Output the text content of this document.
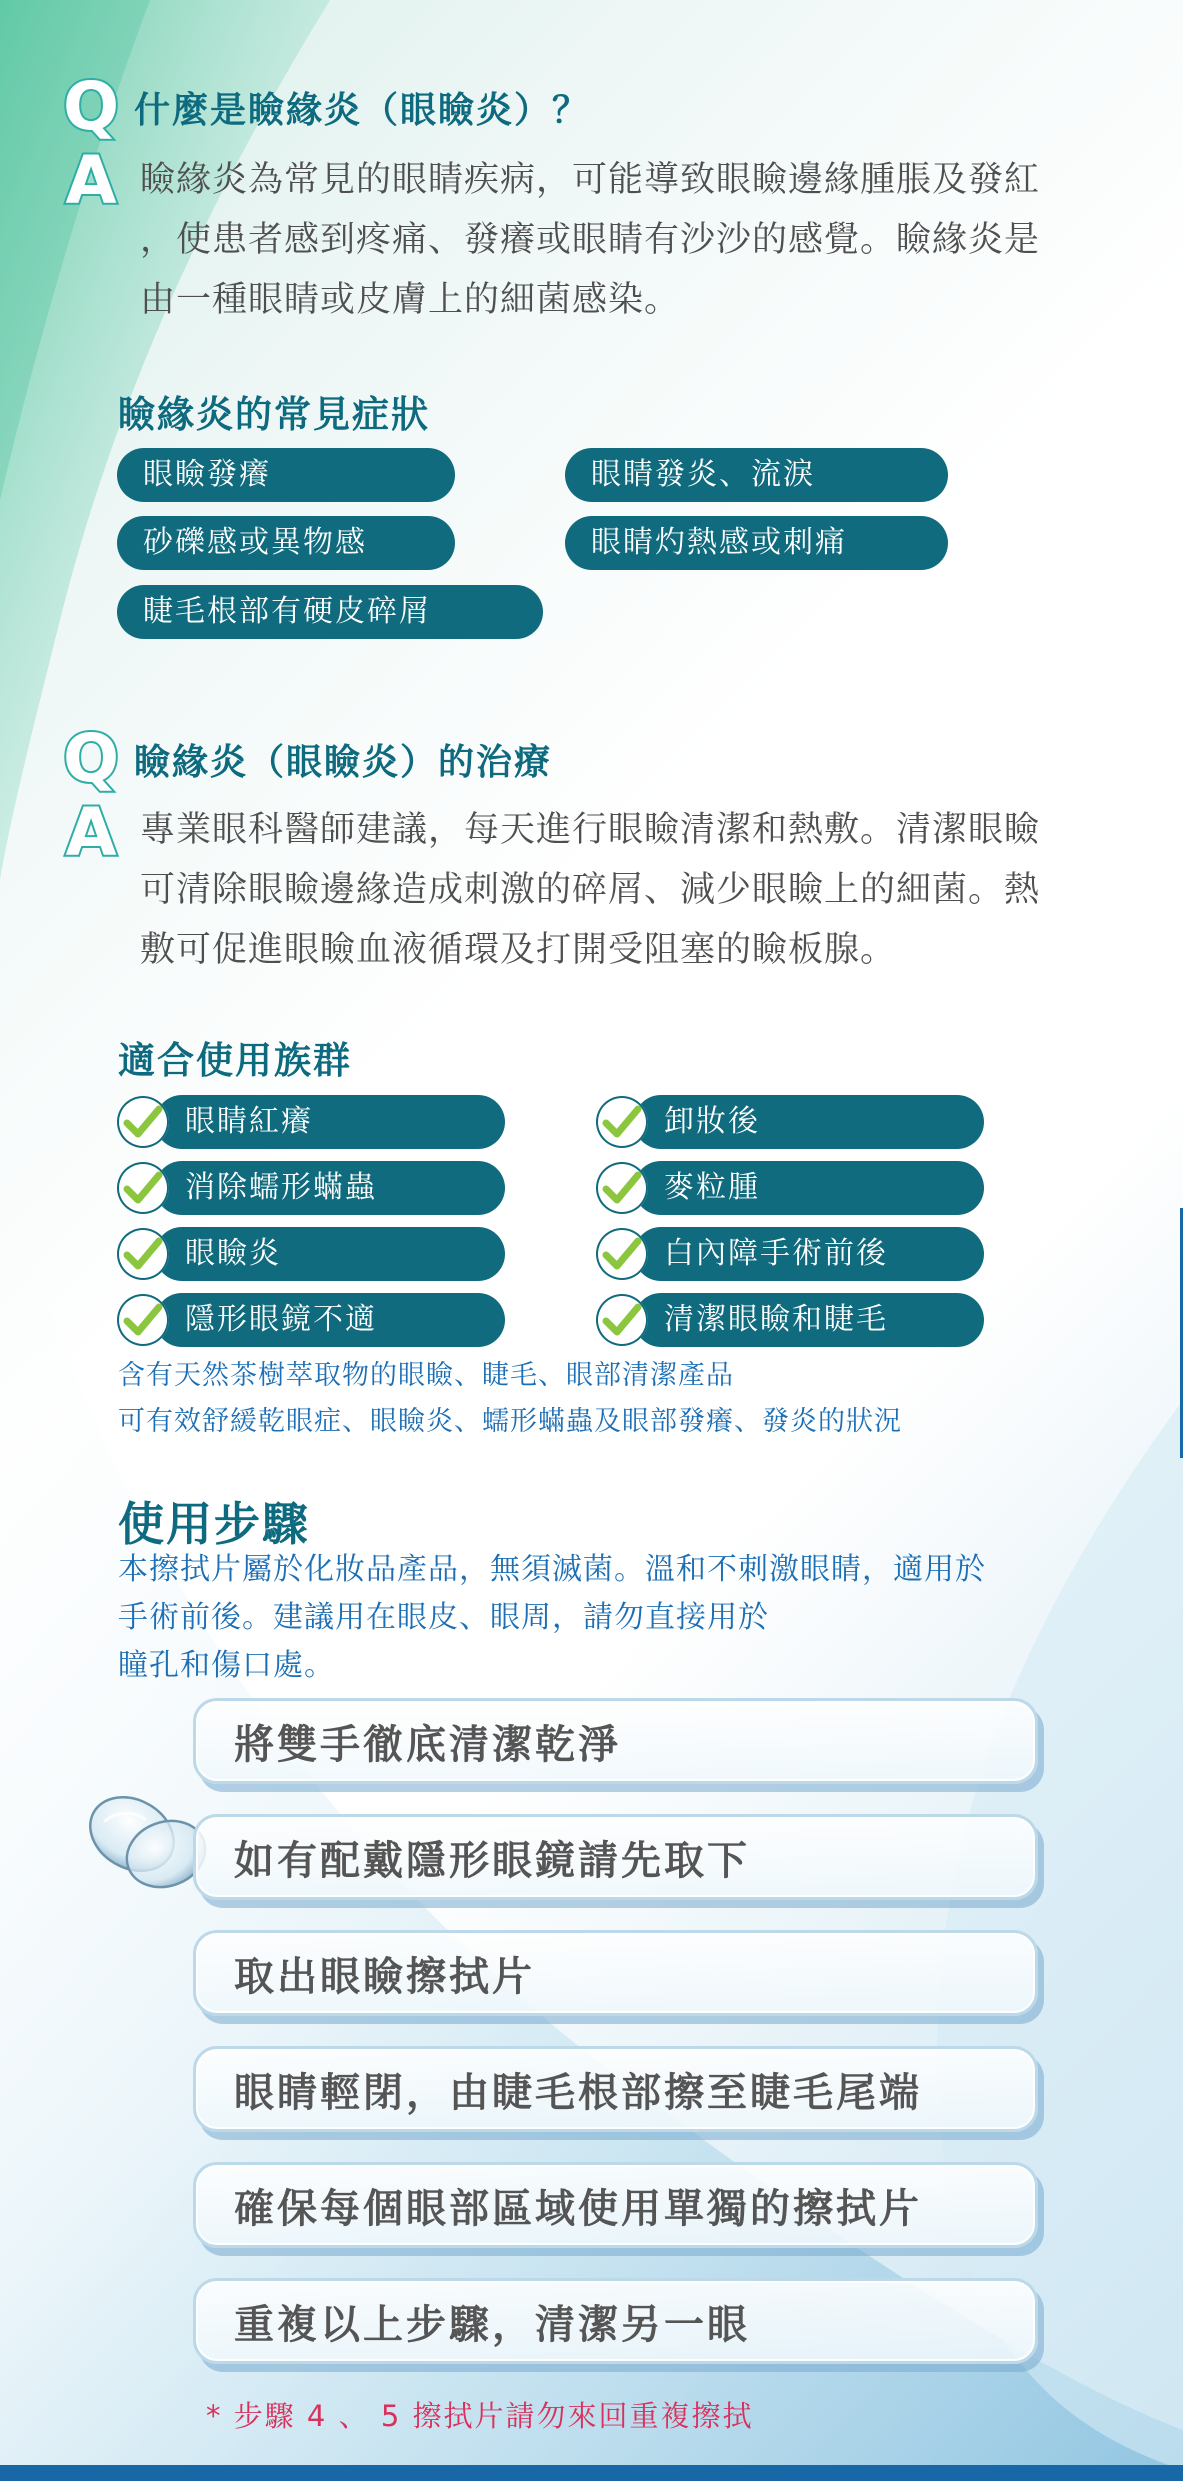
Q 什麼是瞼緣炎（眼瞼炎）？
A 瞼緣炎為常見的眼睛疾病，可能導致眼瞼邊緣腫脹及發紅
，使患者感到疼痛、發癢或眼睛有沙沙的感覺。瞼緣炎是
由一種眼睛或皮膚上的細菌感染。
瞼緣炎的常見症狀
眼瞼發癢	眼睛發炎、流淚
砂礫感或異物感	眼睛灼熱感或刺痛
睫毛根部有硬皮碎屑
Q 瞼緣炎（眼瞼炎）的治療
A 專業眼科醫師建議，每天進行眼瞼清潔和熱敷。清潔眼瞼
可清除眼瞼邊緣造成刺激的碎屑、減少眼瞼上的細菌。熱
敷可促進眼瞼血液循環及打開受阻塞的瞼板腺。
適合使用族群
眼睛紅癢	卸妝後
消除蠕形蟎蟲	麥粒腫
眼瞼炎	白內障手術前後
隱形眼鏡不適	清潔眼瞼和睫毛
含有天然茶樹萃取物的眼瞼、睫毛、眼部清潔產品
可有效舒緩乾眼症、眼瞼炎、蠕形蟎蟲及眼部發癢、發炎的狀況
使用步驟
本擦拭片屬於化妝品產品，無須滅菌。溫和不刺激眼睛，適用於
手術前後。建議用在眼皮、眼周，請勿直接用於
瞳孔和傷口處。
將雙手徹底清潔乾淨
如有配戴隱形眼鏡請先取下
取出眼瞼擦拭片
眼睛輕閉，由睫毛根部擦至睫毛尾端
確保每個眼部區域使用單獨的擦拭片
重複以上步驟，清潔另一眼
* 步驟 4 、 5 擦拭片請勿來回重複擦拭
